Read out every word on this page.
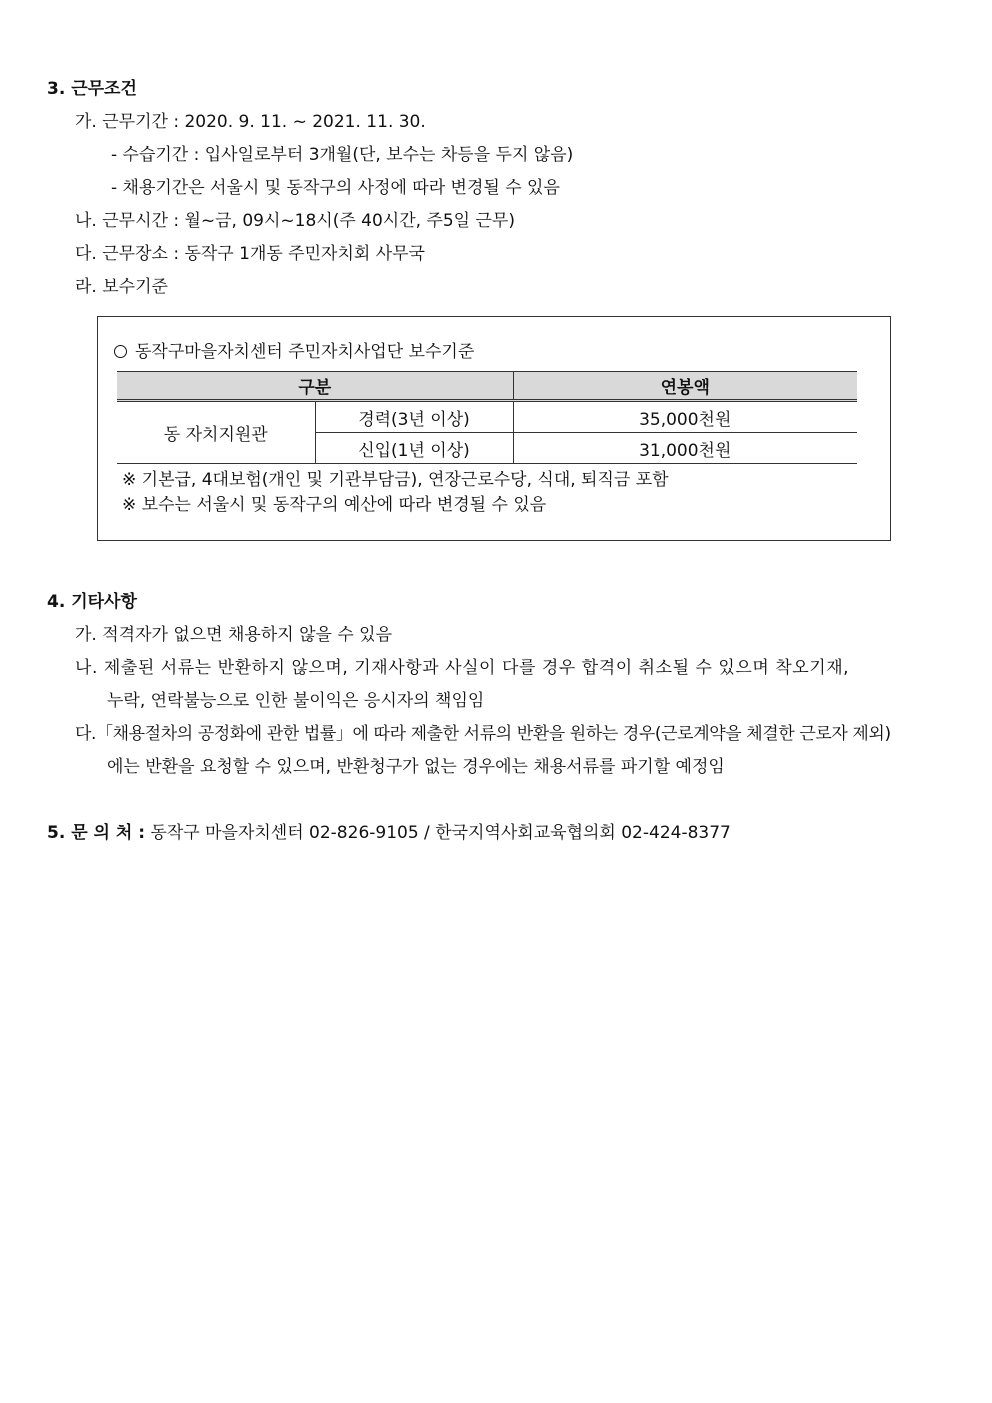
3. 근무조건
가. 근무기간 : 2020. 9. 11. ~ 2021. 11. 30.
- 수습기간 : 입사일로부터 3개월(단, 보수는 차등을 두지 않음)
- 채용기간은 서울시 및 동작구의 사정에 따라 변경될 수 있음
나. 근무시간 : 월~금, 09시~18시(주 40시간, 주5일 근무)
다. 근무장소 : 동작구 1개동 주민자치회 사무국
라. 보수기준
동작구마을자치센터 주민자치사업단 보수기준
구분		연봉액
동 자치지원관	경력(3년 이상)	35,000천원
	신입(1년 이상)	31,000천원
※ 기본급, 4대보험(개인 및 기관부담금), 연장근로수당, 식대, 퇴직금 포함
※ 보수는 서울시 및 동작구의 예산에 따라 변경될 수 있음
4. 기타사항
가. 적격자가 없으면 채용하지 않을 수 있음
나. 제출된 서류는 반환하지 않으며, 기재사항과 사실이 다를 경우 합격이 취소될 수 있으며 착오기재,
누락, 연락불능으로 인한 불이익은 응시자의 책임임
다.「채용절차의 공정화에 관한 법률」에 따라 제출한 서류의 반환을 원하는 경우(근로계약을 체결한 근로자 제외)
에는 반환을 요청할 수 있으며, 반환청구가 없는 경우에는 채용서류를 파기할 예정임
5. 문 의 처 : 동작구 마을자치센터 02-826-9105 / 한국지역사회교육협의회 02-424-8377
